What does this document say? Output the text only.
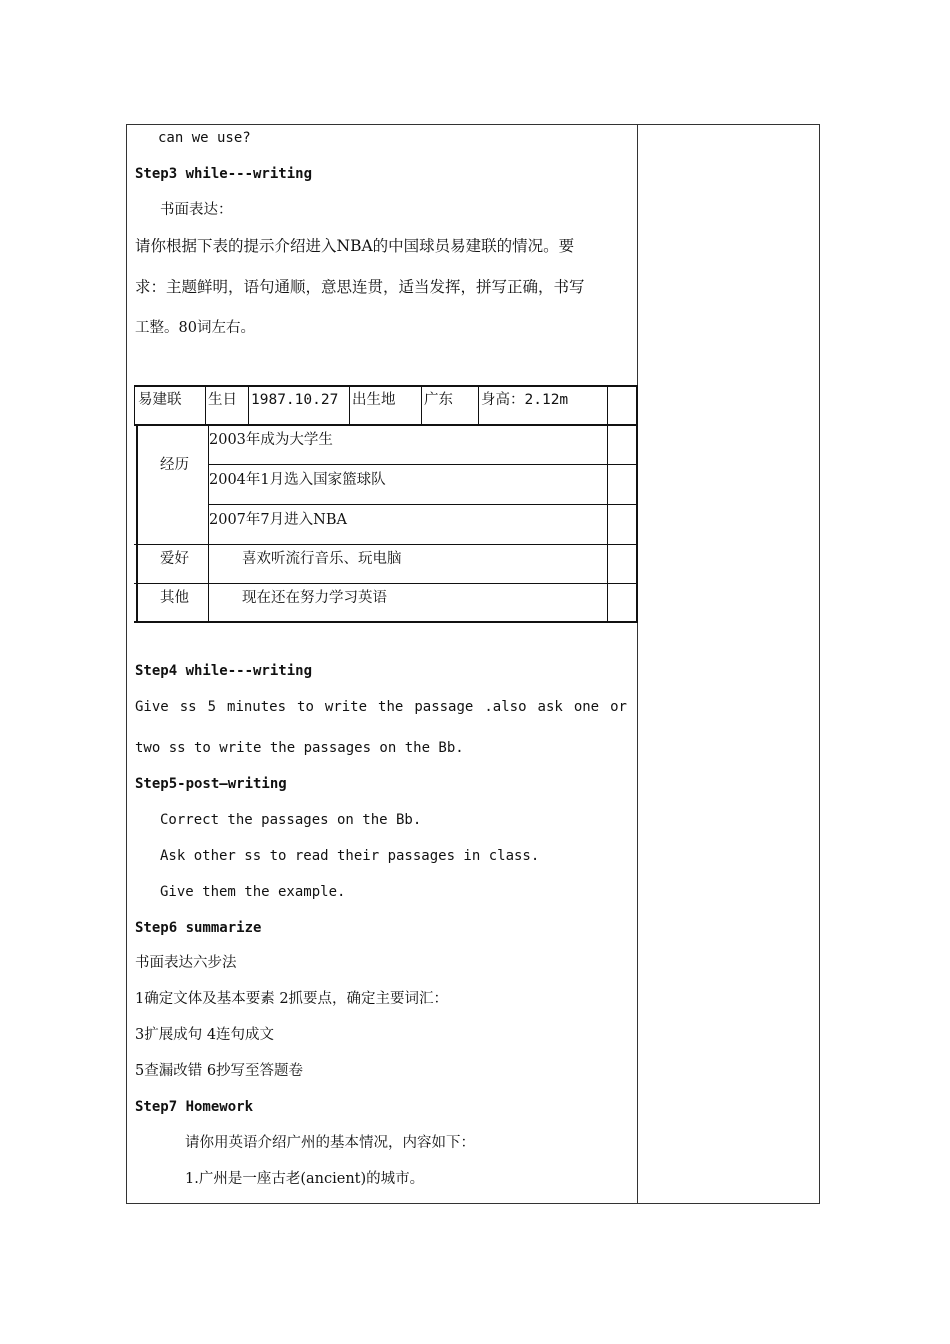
can we use?
Step3 while---writing
书面表达：
请你根据下表的提示介绍进入NBA的中国球员易建联的情况。要
求：主题鲜明，语句通顺，意思连贯，适当发挥，拼写正确，书写
工整。80词左右。
易建联 生日 1987.10.27 出生地 广东 身高：2.12m
经历
2003年成为大学生
2004年1月选入国家篮球队
2007年7月进入NBA
爱好	喜欢听流行音乐、玩电脑
其他	现在还在努力学习英语
Step4 while---writing
Give ss 5 minutes to write the passage .also ask one or
two ss to write the passages on the Bb.
Step5-post—writing
Correct the passages on the Bb.
Ask other ss to read their passages in class.
Give them the example.
Step6 summarize
书面表达六步法
1确定文体及基本要素 2抓要点，确定主要词汇：
3扩展成句 4连句成文
5查漏改错 6抄写至答题卷
Step7 Homework
请你用英语介绍广州的基本情况，内容如下：
1.广州是一座古老(ancient)的城市。
